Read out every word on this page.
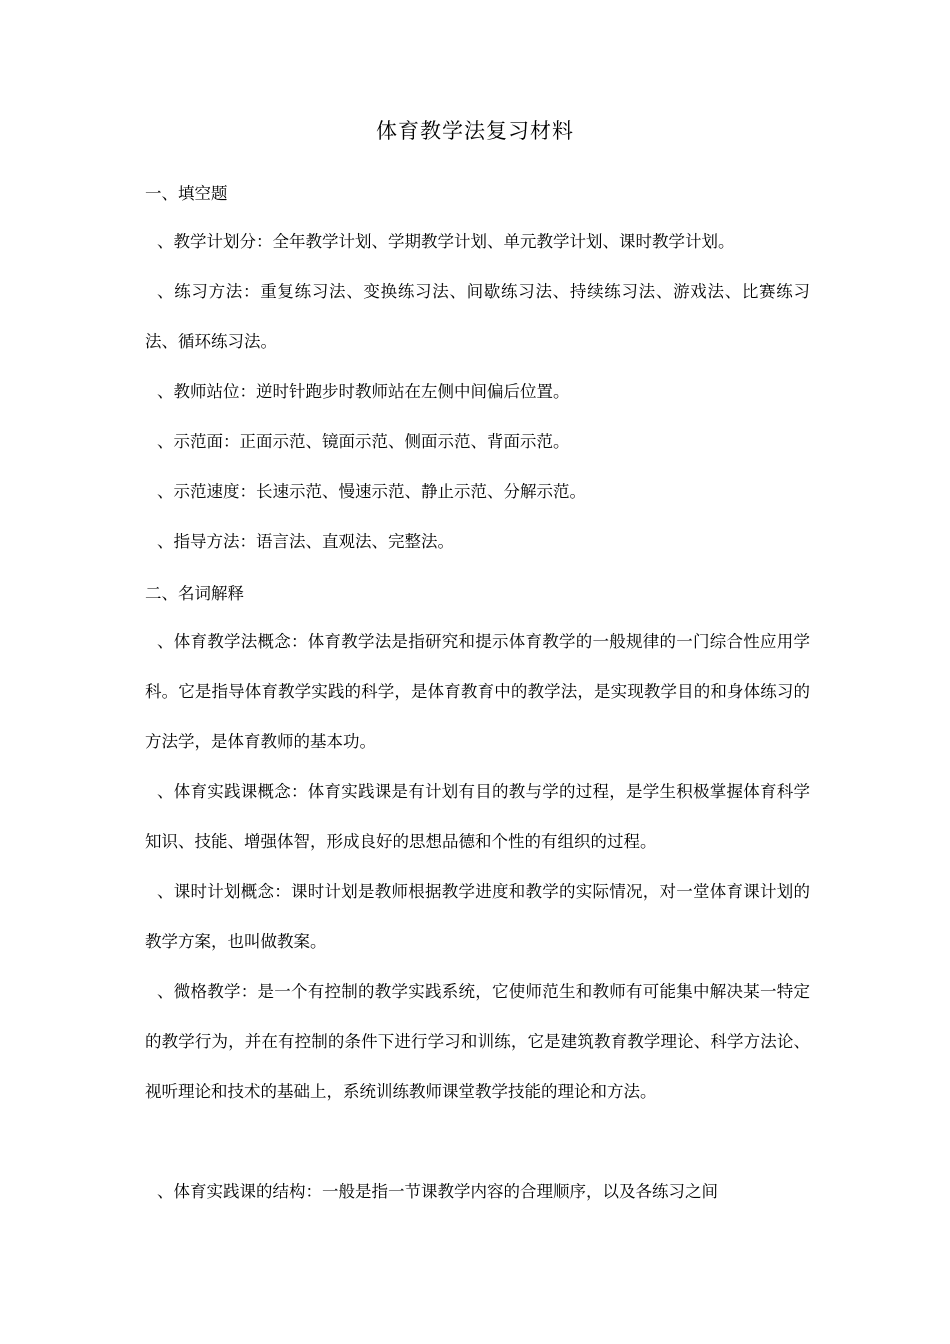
体育教学法复习材料
一、填空题

、教学计划分：全年教学计划、学期教学计划、单元教学计划、课时教学计划。

、练习方法：重复练习法、变换练习法、间歇练习法、持续练习法、游戏法、比赛练习法、循环练习法。

、教师站位：逆时针跑步时教师站在左侧中间偏后位置。

、示范面：正面示范、镜面示范、侧面示范、背面示范。

、示范速度：长速示范、慢速示范、静止示范、分解示范。

、指导方法：语言法、直观法、完整法。

二、名词解释

、体育教学法概念：体育教学法是指研究和提示体育教学的一般规律的一门综合性应用学科。它是指导体育教学实践的科学，是体育教育中的教学法，是实现教学目的和身体练习的方法学，是体育教师的基本功。

、体育实践课概念：体育实践课是有计划有目的教与学的过程，是学生积极掌握体育科学知识、技能、增强体智，形成良好的思想品德和个性的有组织的过程。

、课时计划概念：课时计划是教师根据教学进度和教学的实际情况，对一堂体育课计划的教学方案，也叫做教案。

、微格教学：是一个有控制的教学实践系统，它使师范生和教师有可能集中解决某一特定的教学行为，并在有控制的条件下进行学习和训练，它是建筑教育教学理论、科学方法论、视听理论和技术的基础上，系统训练教师课堂教学技能的理论和方法。

、体育实践课的结构：一般是指一节课教学内容的合理顺序，以及各练习之间
